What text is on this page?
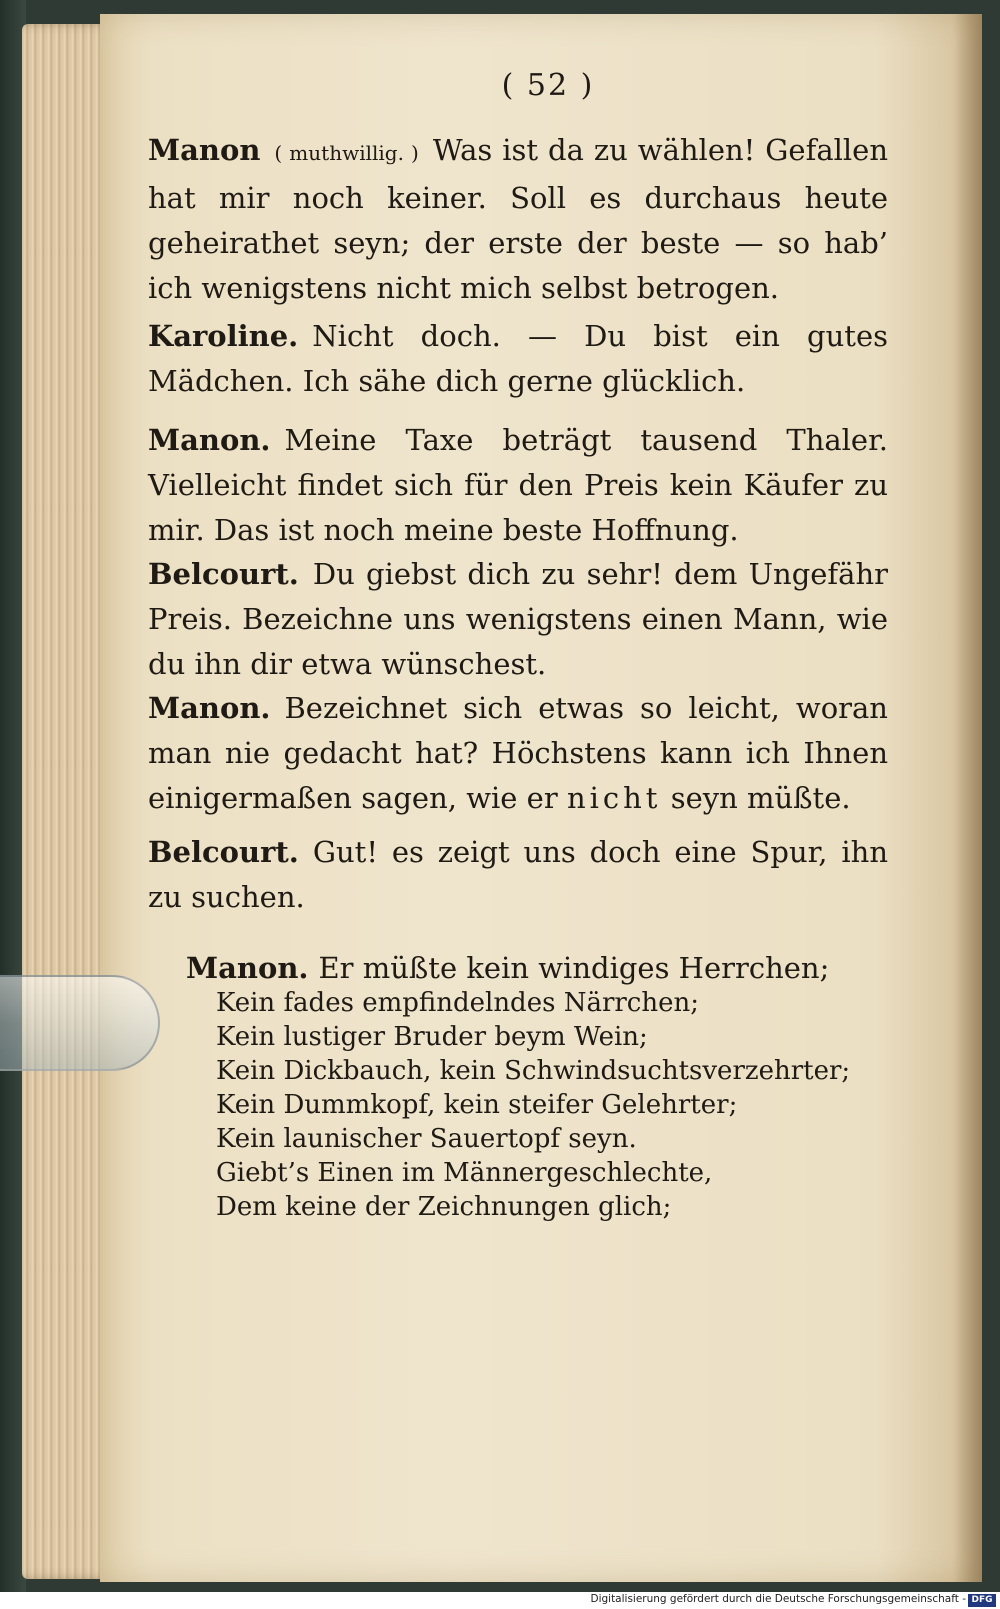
( 52 )
Manon ( muthwillig. ) Was ist da zu wählen! Gefallen hat mir noch keiner. Soll es durchaus heute geheirathet seyn; der erste der beste — so hab’ ich wenigstens nicht mich selbst betrogen.
Karoline. Nicht doch. — Du bist ein gutes Mädchen. Ich sähe dich gerne glücklich.
Manon. Meine Taxe beträgt tausend Thaler. Vielleicht findet sich für den Preis kein Käufer zu mir. Das ist noch meine beste Hoffnung.
Belcourt. Du giebst dich zu sehr! dem Ungefähr Preis. Bezeichne uns wenigstens einen Mann, wie du ihn dir etwa wünschest.
Manon. Bezeichnet sich etwas so leicht, woran man nie gedacht hat? Höchstens kann ich Ihnen einigermaßen sagen, wie er nicht seyn müßte.
Belcourt. Gut! es zeigt uns doch eine Spur, ihn zu suchen.
Manon. Er müßte kein windiges Herrchen;
Kein fades empfindelndes Närrchen;
Kein lustiger Bruder beym Wein;
Kein Dickbauch, kein Schwindsuchtsverzehrter;
Kein Dummkopf, kein steifer Gelehrter;
Kein launischer Sauertopf seyn.
Giebt’s Einen im Männergeschlechte,
Dem keine der Zeichnungen glich;
Digitalisierung gefördert durch die Deutsche Forschungsgemeinschaft - DFG
